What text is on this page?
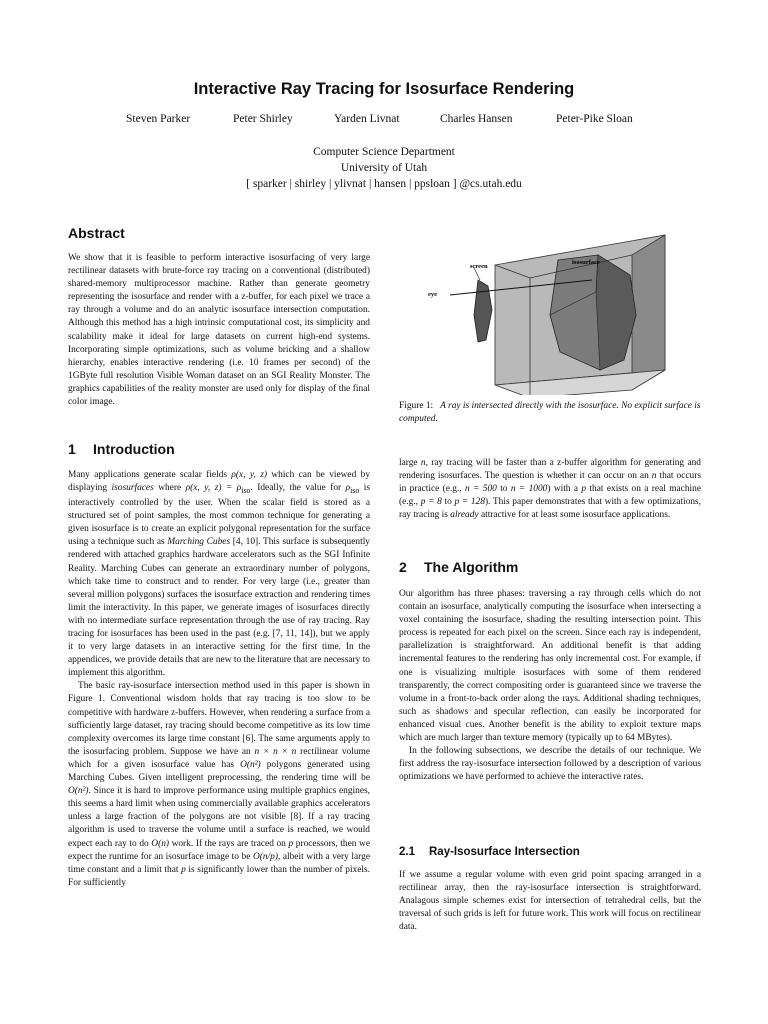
Interactive Ray Tracing for Isosurface Rendering
Steven Parker	Peter Shirley	Yarden Livnat	Charles Hansen	Peter-Pike Sloan
Computer Science Department
University of Utah
[ sparker | shirley | ylivnat | hansen | ppsloan ] @cs.utah.edu
Abstract

We show that it is feasible to perform interactive isosurfacing of very large rectilinear datasets with brute-force ray tracing on a conventional (distributed) shared-memory multiprocessor machine. Rather than generate geometry representing the isosurface and render with a z-buffer, for each pixel we trace a ray through a volume and do an analytic isosurface intersection computation. Although this method has a high intrinsic computational cost, its simplicity and scalability make it ideal for large datasets on current high-end systems. Incorporating simple optimizations, such as volume bricking and a shallow hierarchy, enables interactive rendering (i.e. 10 frames per second) of the 1GByte full resolution Visible Woman dataset on an SGI Reality Monster. The graphics capabilities of the reality monster are used only for display of the final color image.

screen
isosurface
eye
Figure 1: A ray is intersected directly with the isosurface. No explicit surface is computed.
1 Introduction

Many applications generate scalar fields ρ(x, y, z) which can be viewed by displaying isosurfaces where ρ(x, y, $z) = \rho_{iso}$. Ideally, the value for $\rho_{iso}$ is interactively controlled by the user. When the scalar field is stored as a structured set of point samples, the most common technique for generating a given isosurface is to create an explicit polygonal representation for the surface using a technique such as Marching Cubes [4, 10]. This surface is subsequently rendered with attached graphics hardware accelerators such as the SGI Infinite Reality. Marching Cubes can generate an extraordinary number of polygons, which take time to construct and to render. For very large (i.e., greater than several million polygons) surfaces the isosurface extraction and rendering times limit the interactivity. In this paper, we generate images of isosurfaces directly with no intermediate surface representation through the use of ray tracing. Ray tracing for isosurfaces has been used in the past (e.g. [7, 11, 14]), but we apply it to very large datasets in an interactive setting for the first time. In the appendices, we provide details that are new to the literature that are necessary to implement this algorithm.

The basic ray-isosurface intersection method used in this paper is shown in Figure 1. Conventional wisdom holds that ray tracing is too slow to be competitive with hardware z-buffers. However, when rendering a surface from a sufficiently large dataset, ray tracing should become competitive as its low time complexity overcomes its large time constant [6]. The same arguments apply to the isosurfacing problem. Suppose we have an n × n × n rectilinear volume which for a given isosurface value has O(n²) polygons generated using Marching Cubes. Given intelligent preprocessing, the rendering time will be O(n²). Since it is hard to improve performance using multiple graphics engines, this seems a hard limit when using commercially available graphics accelerators unless a large fraction of the polygons are not visible [8]. If a ray tracing algorithm is used to traverse the volume until a surface is reached, we would expect each ray to do O(n) work. If the rays are traced on p processors, then we expect the runtime for an isosurface image to be O(n/p), albeit with a very large time constant and a limit that p is significantly lower than the number of pixels. For sufficiently

large n, ray tracing will be faster than a z-buffer algorithm for generating and rendering isosurfaces. The question is whether it can occur on an n that occurs in practice (e.g., n = 500 to n = 1000) with a p that exists on a real machine (e.g., p = 8 to p = 128). This paper demonstrates that with a few optimizations, ray tracing is already attractive for at least some isosurface applications.

2 The Algorithm

Our algorithm has three phases: traversing a ray through cells which do not contain an isosurface, analytically computing the isosurface when intersecting a voxel containing the isosurface, shading the resulting intersection point. This process is repeated for each pixel on the screen. Since each ray is independent, parallelization is straightforward. An additional benefit is that adding incremental features to the rendering has only incremental cost. For example, if one is visualizing multiple isosurfaces with some of them rendered transparently, the correct compositing order is guaranteed since we traverse the volume in a front-to-back order along the rays. Additional shading techniques, such as shadows and specular reflection, can easily be incorporated for enhanced visual cues. Another benefit is the ability to exploit texture maps which are much larger than texture memory (typically up to 64 MBytes).

In the following subsections, we describe the details of our technique. We first address the ray-isosurface intersection followed by a description of various optimizations we have performed to achieve the interactive rates.

2.1 Ray-Isosurface Intersection

If we assume a regular volume with even grid point spacing arranged in a rectilinear array, then the ray-isosurface intersection is straightforward. Analagous simple schemes exist for intersection of tetrahedral cells, but the traversal of such grids is left for future work. This work will focus on rectilinear data.
